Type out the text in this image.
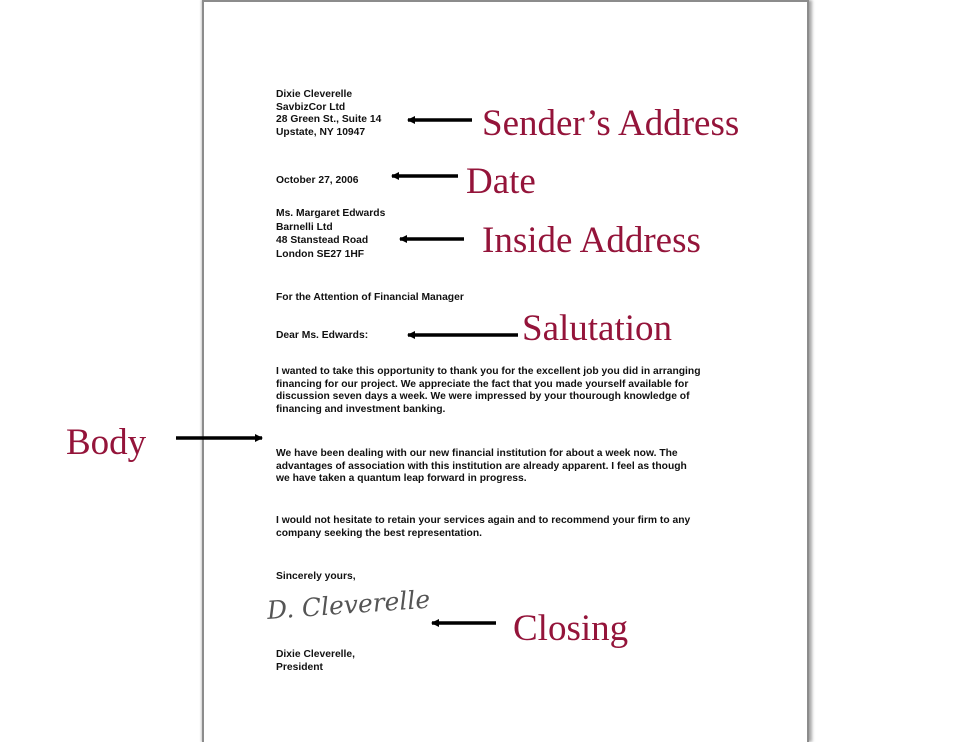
Dixie Cleverelle
SavbizCor Ltd
28 Green St., Suite 14
Upstate, NY 10947
October 27, 2006
Ms. Margaret Edwards
Barnelli Ltd
48 Stanstead Road
London SE27 1HF
For the Attention of Financial Manager
Dear Ms. Edwards:
I wanted to take this opportunity to thank you for the excellent job you did in arranging
financing for our project. We appreciate the fact that you made yourself available for
discussion seven days a week. We were impressed by your thourough knowledge of
financing and investment banking.
We have been dealing with our new financial institution for about a week now. The
advantages of association with this institution are already apparent. I feel as though
we have taken a quantum leap forward in progress.
I would not hesitate to retain your services again and to recommend your firm to any
company seeking the best representation.
Sincerely yours,
D. Cleverelle
Dixie Cleverelle,
President
Sender’s Address
Date
Inside Address
Salutation
Body
Closing
